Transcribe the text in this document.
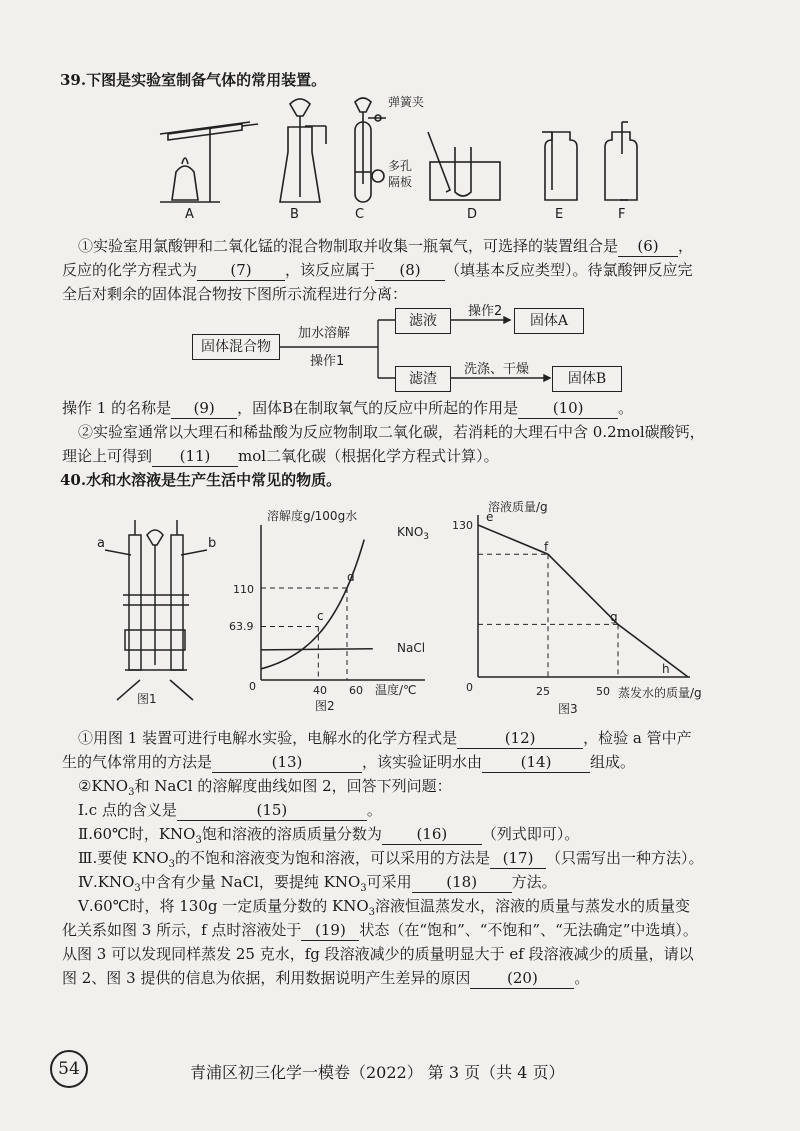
39.下图是实验室制备气体的常用装置。
弹簧夹
多孔
隔板
A	B	C	D	E	F
①实验室用氯酸钾和二氧化锰的混合物制取并收集一瓶氧气，可选择的装置组合是 (6) ，
反应的化学方程式为 (7) ，该反应属于 (8) （填基本反应类型）。待氯酸钾反应完
全后对剩余的固体混合物按下图所示流程进行分离：
固体混合物
加水溶解
操作1
滤液
操作2
固体A
滤渣
洗涤、干燥
固体B
操作 1 的名称是 (9) ，固体B在制取氧气的反应中所起的作用是 (10) 。
②实验室通常以大理石和稀盐酸为反应物制取二氧化碳，若消耗的大理石中含 0.2mol碳酸钙，
理论上可得到 (11) mol二氧化碳（根据化学方程式计算）。
40.水和水溶液是生产生活中常见的物质。
a	b
图1
溶解度g/100g水
温度/℃
图2
$KNO_3$
NaCl
110
63.9
0	40 60
c
d
溶液质量/g
蒸发水的质量/g
图3
130
0	25	50
e
f
g
h
①用图 1 装置可进行电解水实验，电解水的化学方程式是	(12)	，检验 a 管中产
生的气体常用的方法是	(13)	，该实验证明水由	(14)	组成。
$②KNO_3$和 NaCl 的溶解度曲线如图 2，回答下列问题：
Ⅰ.c 点的含义是	(15)	。
Ⅱ.60℃时，$KNO_3$饱和溶液的溶质质量分数为 (16) （列式即可）。
Ⅲ.要使 $KNO_3$的不饱和溶液变为饱和溶液，可以采用的方法是 (17) （只需写出一种方法）。
$Ⅳ.KNO_3$中含有少量 NaCl，要提纯 $KNO_3$可采用 (18) 方法。
Ⅴ.60℃时，将 130g 一定质量分数的 $KNO_3$溶液恒温蒸发水，溶液的质量与蒸发水的质量变
化关系如图 3 所示，f 点时溶液处于 (19) 状态（在“饱和”、“不饱和”、“无法确定”中选填）。
从图 3 可以发现同样蒸发 25 克水，fg 段溶液减少的质量明显大于 ef 段溶液减少的质量，请以
图 2、图 3 提供的信息为依据，利用数据说明产生差异的原因 (20) 。
54	青浦区初三化学一模卷（2022） 第 3 页（共 4 页）
